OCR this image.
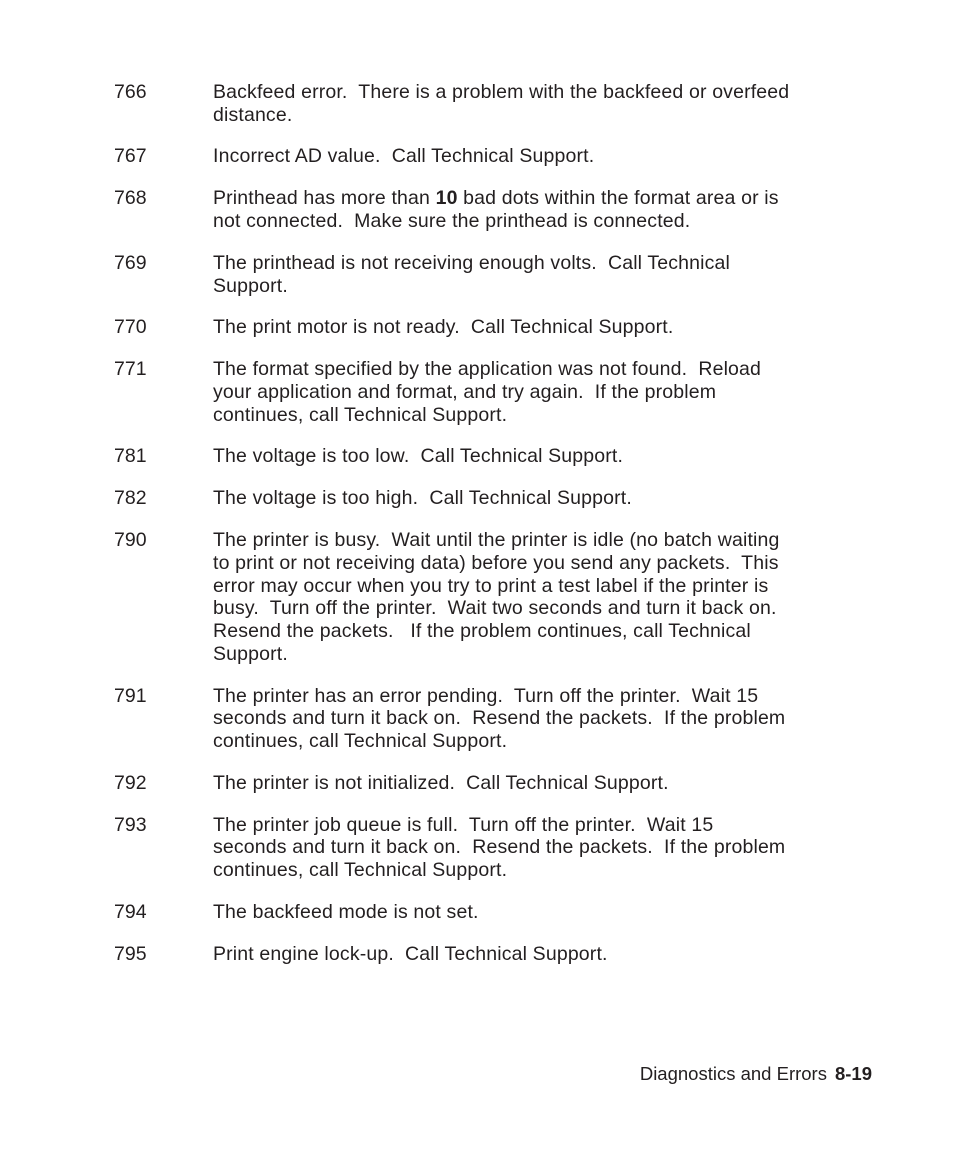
766	Backfeed error.  There is a problem with the backfeed or overfeed
distance.
767	Incorrect AD value.  Call Technical Support.
768	Printhead has more than 10 bad dots within the format area or is
not connected.  Make sure the printhead is connected.
769	The printhead is not receiving enough volts.  Call Technical
Support.
770	The print motor is not ready.  Call Technical Support.
771	The format specified by the application was not found.  Reload
your application and format, and try again.  If the problem
continues, call Technical Support.
781	The voltage is too low.  Call Technical Support.
782	The voltage is too high.  Call Technical Support.
790	The printer is busy.  Wait until the printer is idle (no batch waiting
to print or not receiving data) before you send any packets.  This
error may occur when you try to print a test label if the printer is
busy.  Turn off the printer.  Wait two seconds and turn it back on.
Resend the packets.   If the problem continues, call Technical
Support.
791	The printer has an error pending.  Turn off the printer.  Wait 15
seconds and turn it back on.  Resend the packets.  If the problem
continues, call Technical Support.
792	The printer is not initialized.  Call Technical Support.
793	The printer job queue is full.  Turn off the printer.  Wait 15
seconds and turn it back on.  Resend the packets.  If the problem
continues, call Technical Support.
794	The backfeed mode is not set.
795	Print engine lock-up.  Call Technical Support.
Diagnostics and Errors 8-19
